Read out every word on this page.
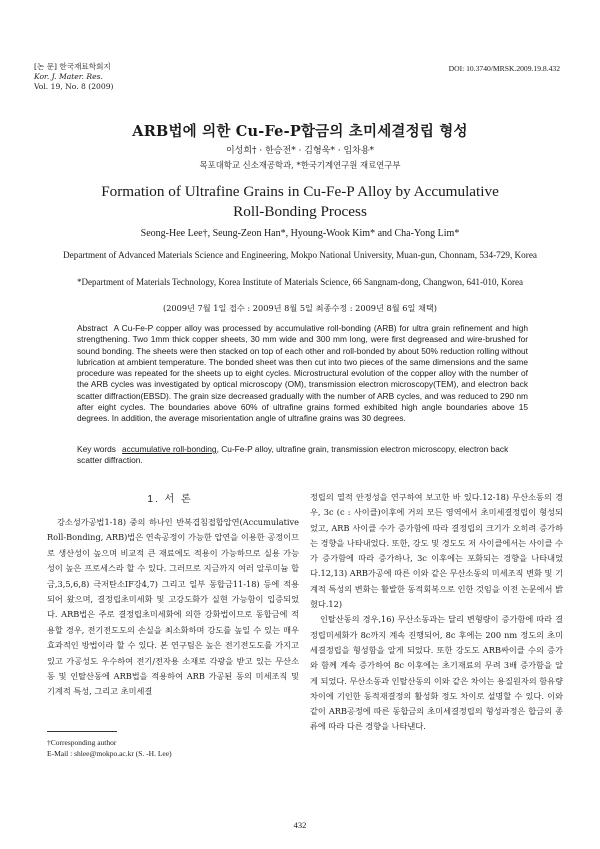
[논 문] 한국재료학회지
Kor. J. Mater. Res.
Vol. 19, No. 8 (2009)
DOI: 10.3740/MRSK.2009.19.8.432
ARB법에 의한 Cu-Fe-P합금의 초미세결정립 형성
이성희† · 한승전* · 김형욱* · 임차용*
목포대학교 신소재공학과, *한국기계연구원 재료연구부
Formation of Ultrafine Grains in Cu-Fe-P Alloy by Accumulative
Roll-Bonding Process
Seong-Hee Lee†, Seung-Zeon Han*, Hyoung-Wook Kim* and Cha-Yong Lim*
Department of Advanced Materials Science and Engineering, Mokpo National University, Muan-gun, Chonnam, 534-729, Korea
*Department of Materials Technology, Korea Institute of Materials Science, 66 Sangnam-dong, Changwon, 641-010, Korea
(2009년 7월 1일 접수 : 2009년 8월 5일 최종수정 : 2009년 8월 6일 채택)
Abstract A Cu-Fe-P copper alloy was processed by accumulative roll-bonding (ARB) for ultra grain refinement and high strengthening. Two 1mm thick copper sheets, 30 mm wide and 300 mm long, were first degreased and wire-brushed for sound bonding. The sheets were then stacked on top of each other and roll-bonded by about 50% reduction rolling without lubrication at ambient temperature. The bonded sheet was then cut into two pieces of the same dimensions and the same procedure was repeated for the sheets up to eight cycles. Microstructural evolution of the copper alloy with the number of the ARB cycles was investigated by optical microscopy (OM), transmission electron microscopy(TEM), and electron back scatter diffraction(EBSD). The grain size decreased gradually with the number of ARB cycles, and was reduced to 290 nm after eight cycles. The boundaries above 60% of ultrafine grains formed exhibited high angle boundaries above 15 degrees. In addition, the average misorientation angle of ultrafine grains was 30 degrees.
Key words accumulative roll-bonding, Cu-Fe-P alloy, ultrafine grain, transmission electron microscopy, electron back scatter diffraction.
1. 서 론

강소성가공법1-18) 중의 하나인 반복겹침접합압연(Accumulative Roll-Bonding, ARB)법은 연속공정이 가능한 압연을 이용한 공정이므로 생산성이 높으며 비교적 큰 재료에도 적용이 가능하므로 실용 가능성이 높은 프로세스라 할 수 있다. 그러므로 지금까지 여러 알루미늄 합금,3,5,6,8) 극저탄소IF강4,7) 그리고 일부 동합금11-18) 등에 적용되어 왔으며, 결정립초미세화 및 고강도화가 실현 가능함이 입증되었다. ARB법은 주로 결정립초미세화에 의한 강화법이므로 동합금에 적용할 경우, 전기전도도의 손실을 최소화하며 강도를 높일 수 있는 매우 효과적인 방법이라 할 수 있다. 본 연구팀은 높은 전기전도도를 가지고 있고 가공성도 우수하여 전기/전자용 소재로 각광을 받고 있는 무산소동 및 인탈산동에 ARB법을 적용하여 ARB 가공된 동의 미세조직 및 기계적 특성, 그리고 초미세결

정립의 열적 안정성을 연구하여 보고한 바 있다.12-18) 무산소동의 경우, 3c (c : 사이클)이후에 거의 모든 영역에서 초미세결정립이 형성되었고, ARB 사이클 수가 증가함에 따라 결정립의 크기가 오히려 증가하는 경향을 나타내었다. 또한, 강도 및 경도도 저 사이클에서는 사이클 수가 증가함에 따라 증가하나, 3c 이후에는 포화되는 경향을 나타내었다.12,13) ARB가공에 따른 이와 같은 무산소동의 미세조직 변화 및 기계적 특성의 변화는 활발한 동적회복으로 인한 것임을 이전 논문에서 밝혔다.12)

인탈산동의 경우,16) 무산소동과는 달리 변형량이 증가함에 따라 결정립미세화가 8c까지 계속 진행되어, 8c 후에는 200 nm 정도의 초미세결정립을 형성함을 알게 되었다. 또한 강도도 ARB싸이클 수의 증가와 함께 계속 증가하여 8c 이후에는 초기재료의 무려 3배 증가함을 알게 되었다. 무산소동과 인탈산동의 이와 같은 차이는 용질원자의 함유량 차이에 기인한 동적재결정의 활성화 정도 차이로 설명할 수 있다. 이와 같이 ARB공정에 따른 동합금의 초미세결정립의 형성과정은 합금의 종류에 따라 다른 경향을 나타낸다.

†Corresponding author
E-Mail : shlee@mokpo.ac.kr (S. -H. Lee)
432
